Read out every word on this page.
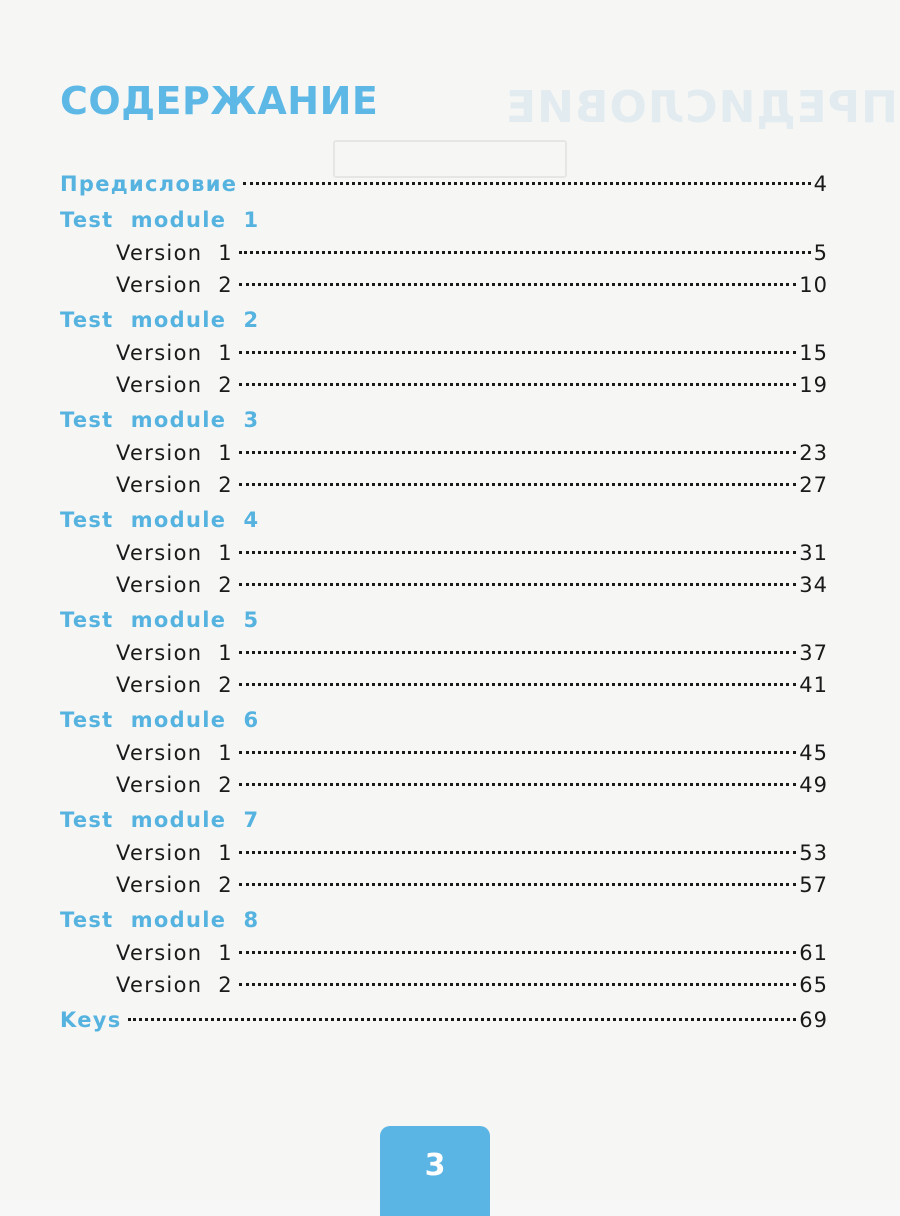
ПРЕДИСЛОВИЕ
СОДЕРЖАНИЕ
Предисловие	4
Test  module  1
Version  1	5
Version  2	10
Test  module  2
Version  1	15
Version  2	19
Test  module  3
Version  1	23
Version  2	27
Test  module  4
Version  1	31
Version  2	34
Test  module  5
Version  1	37
Version  2	41
Test  module  6
Version  1	45
Version  2	49
Test  module  7
Version  1	53
Version  2	57
Test  module  8
Version  1	61
Version  2	65
Keys	69
3
